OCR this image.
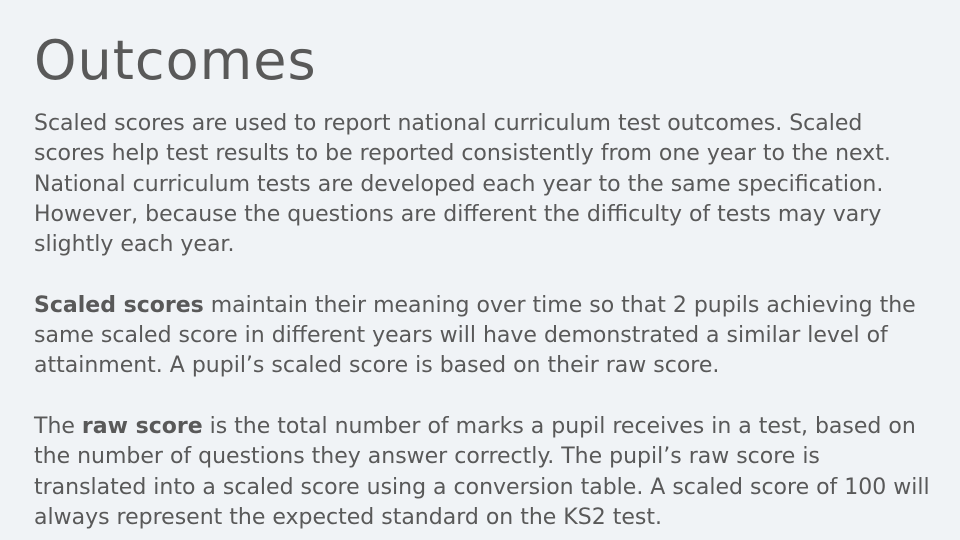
Outcomes

Scaled scores are used to report national curriculum test outcomes. Scaled scores help test results to be reported consistently from one year to the next. National curriculum tests are developed each year to the same specification. However, because the questions are different the difficulty of tests may vary slightly each year.

Scaled scores maintain their meaning over time so that 2 pupils achieving the same scaled score in different years will have demonstrated a similar level of attainment. A pupil’s scaled score is based on their raw score.

The raw score is the total number of marks a pupil receives in a test, based on the number of questions they answer correctly. The pupil’s raw score is translated into a scaled score using a conversion table. A scaled score of 100 will always represent the expected standard on the KS2 test.
